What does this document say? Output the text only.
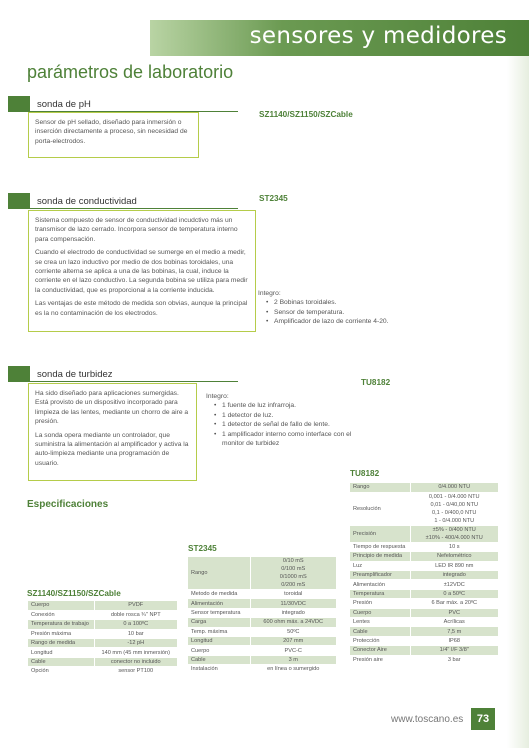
sensores y medidores
parámetros de laboratorio
sonda de pH
SZ1140/SZ1150/SZCable

Sensor de pH sellado, diseñado para inmersión o inserción directamente a proceso, sin necesidad de porta-electrodos.

sonda de conductividad	ST2345

Sistema compuesto de sensor de conductividad incudctivo más un transmisor de lazo cerrado. Incorpora sensor de temperatura interno para compensación.

Cuando el electrodo de conductividad se sumerge en el medio a medir, se crea un lazo inductivo por medio de dos bobinas toroidales, una corriente alterna se aplica a una de las bobinas, la cual, induce la corriente en el lazo conductivo. La segunda bobina se utiliza para medir la conductividad, que es proporcional a la corriente inducida.

Las ventajas de este método de medida son obvias, aunque la principal es la no contaminación de los electrodos.

Integro:
• 2 Bobinas toroidales.
• Sensor de temperatura.
• Amplificador de lazo de corriente 4-20.
sonda de turbidez
TU8182

Ha sido diseñado para aplicaciones sumergidas. Está provisto de un dispositivo incorporado para limpieza de las lentes, mediante un chorro de aire a presión.

La sonda opera mediante un controlador, que suministra la alimentación al amplificador y activa la auto-limpieza mediante una programación de usuario.

Integro:
• 1 fuente de luz infrarroja.
• 1 detector de luz.
• 1 detector de señal de fallo de lente.
• 1 amplificador interno como interface con el monitor de turbidez
Especificaciones
SZ1140/SZ1150/SZCable
Cuerpo	PVDF
Conexión	doble rosca ¾" NPT
Temperatura de trabajo	0 a 100ºC
Presión máxima	10 bar
Rango de medida	-12 pH
Longitud	140 mm (45 mm inmersión)
Cable	conector no incluido
Opción	sensor PT100
ST2345
Rango	0/10 mS
0/100 mS
0/1000 mS
0/200 mS
Metodo de medida	toroidal
Alimentación	11/30VDC
Sensor temperatura	integrado
Carga	600 ohm máx. a 24VDC
Temp. máxima	50ºC
Longitud	207 mm
Cuerpo	PVC-C
Cable	3 m
Instalación	en línea o sumergido
TU8182
Rango	0/4.000 NTU
Resolución	0,001 - 0/4.000 NTU
0,01 - 0/40,00 NTU
0,1 - 0/400,0 NTU
1 - 0/4.000 NTU
Precisión	±5% - 0/400 NTU
±10% - 400/4.000 NTU
Tiempo de respuesta	10 s
Principio de medida	Nefelométrico
Luz	LED IR 890 nm
Preamplificador	integrado
Alimentación	±12VDC
Temperatura	0 a 50ºC
Presión	6 Bar máx. a 20ºC
Cuerpo	PVC
Lentes	Acrílicas
Cable	7,5 m
Protección	IP68
Conector Aire	1/4" I/F 3/8"
Presión aire	3 bar
www.toscano.es	73
